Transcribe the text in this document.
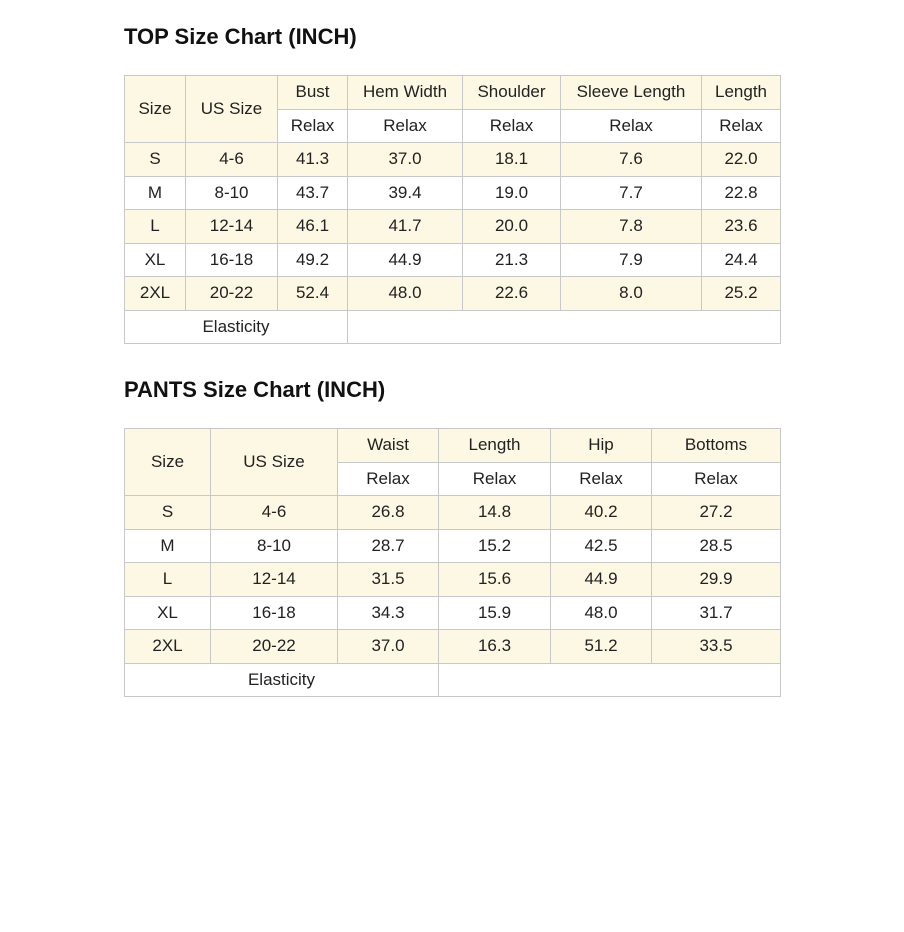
TOP Size Chart (INCH)
Size	US Size	Bust	Hem Width	Shoulder	Sleeve Length	Length
		Relax	Relax	Relax	Relax	Relax
S	4-6	41.3	37.0	18.1	7.6	22.0
M	8-10	43.7	39.4	19.0	7.7	22.8
L	12-14	46.1	41.7	20.0	7.8	23.6
XL	16-18	49.2	44.9	21.3	7.9	24.4
2XL	20-22	52.4	48.0	22.6	8.0	25.2
Elasticity						
PANTS Size Chart (INCH)
Size	US Size	Waist	Length	Hip	Bottoms
		Relax	Relax	Relax	Relax
S	4-6	26.8	14.8	40.2	27.2
M	8-10	28.7	15.2	42.5	28.5
L	12-14	31.5	15.6	44.9	29.9
XL	16-18	34.3	15.9	48.0	31.7
2XL	20-22	37.0	16.3	51.2	33.5
Elasticity					
